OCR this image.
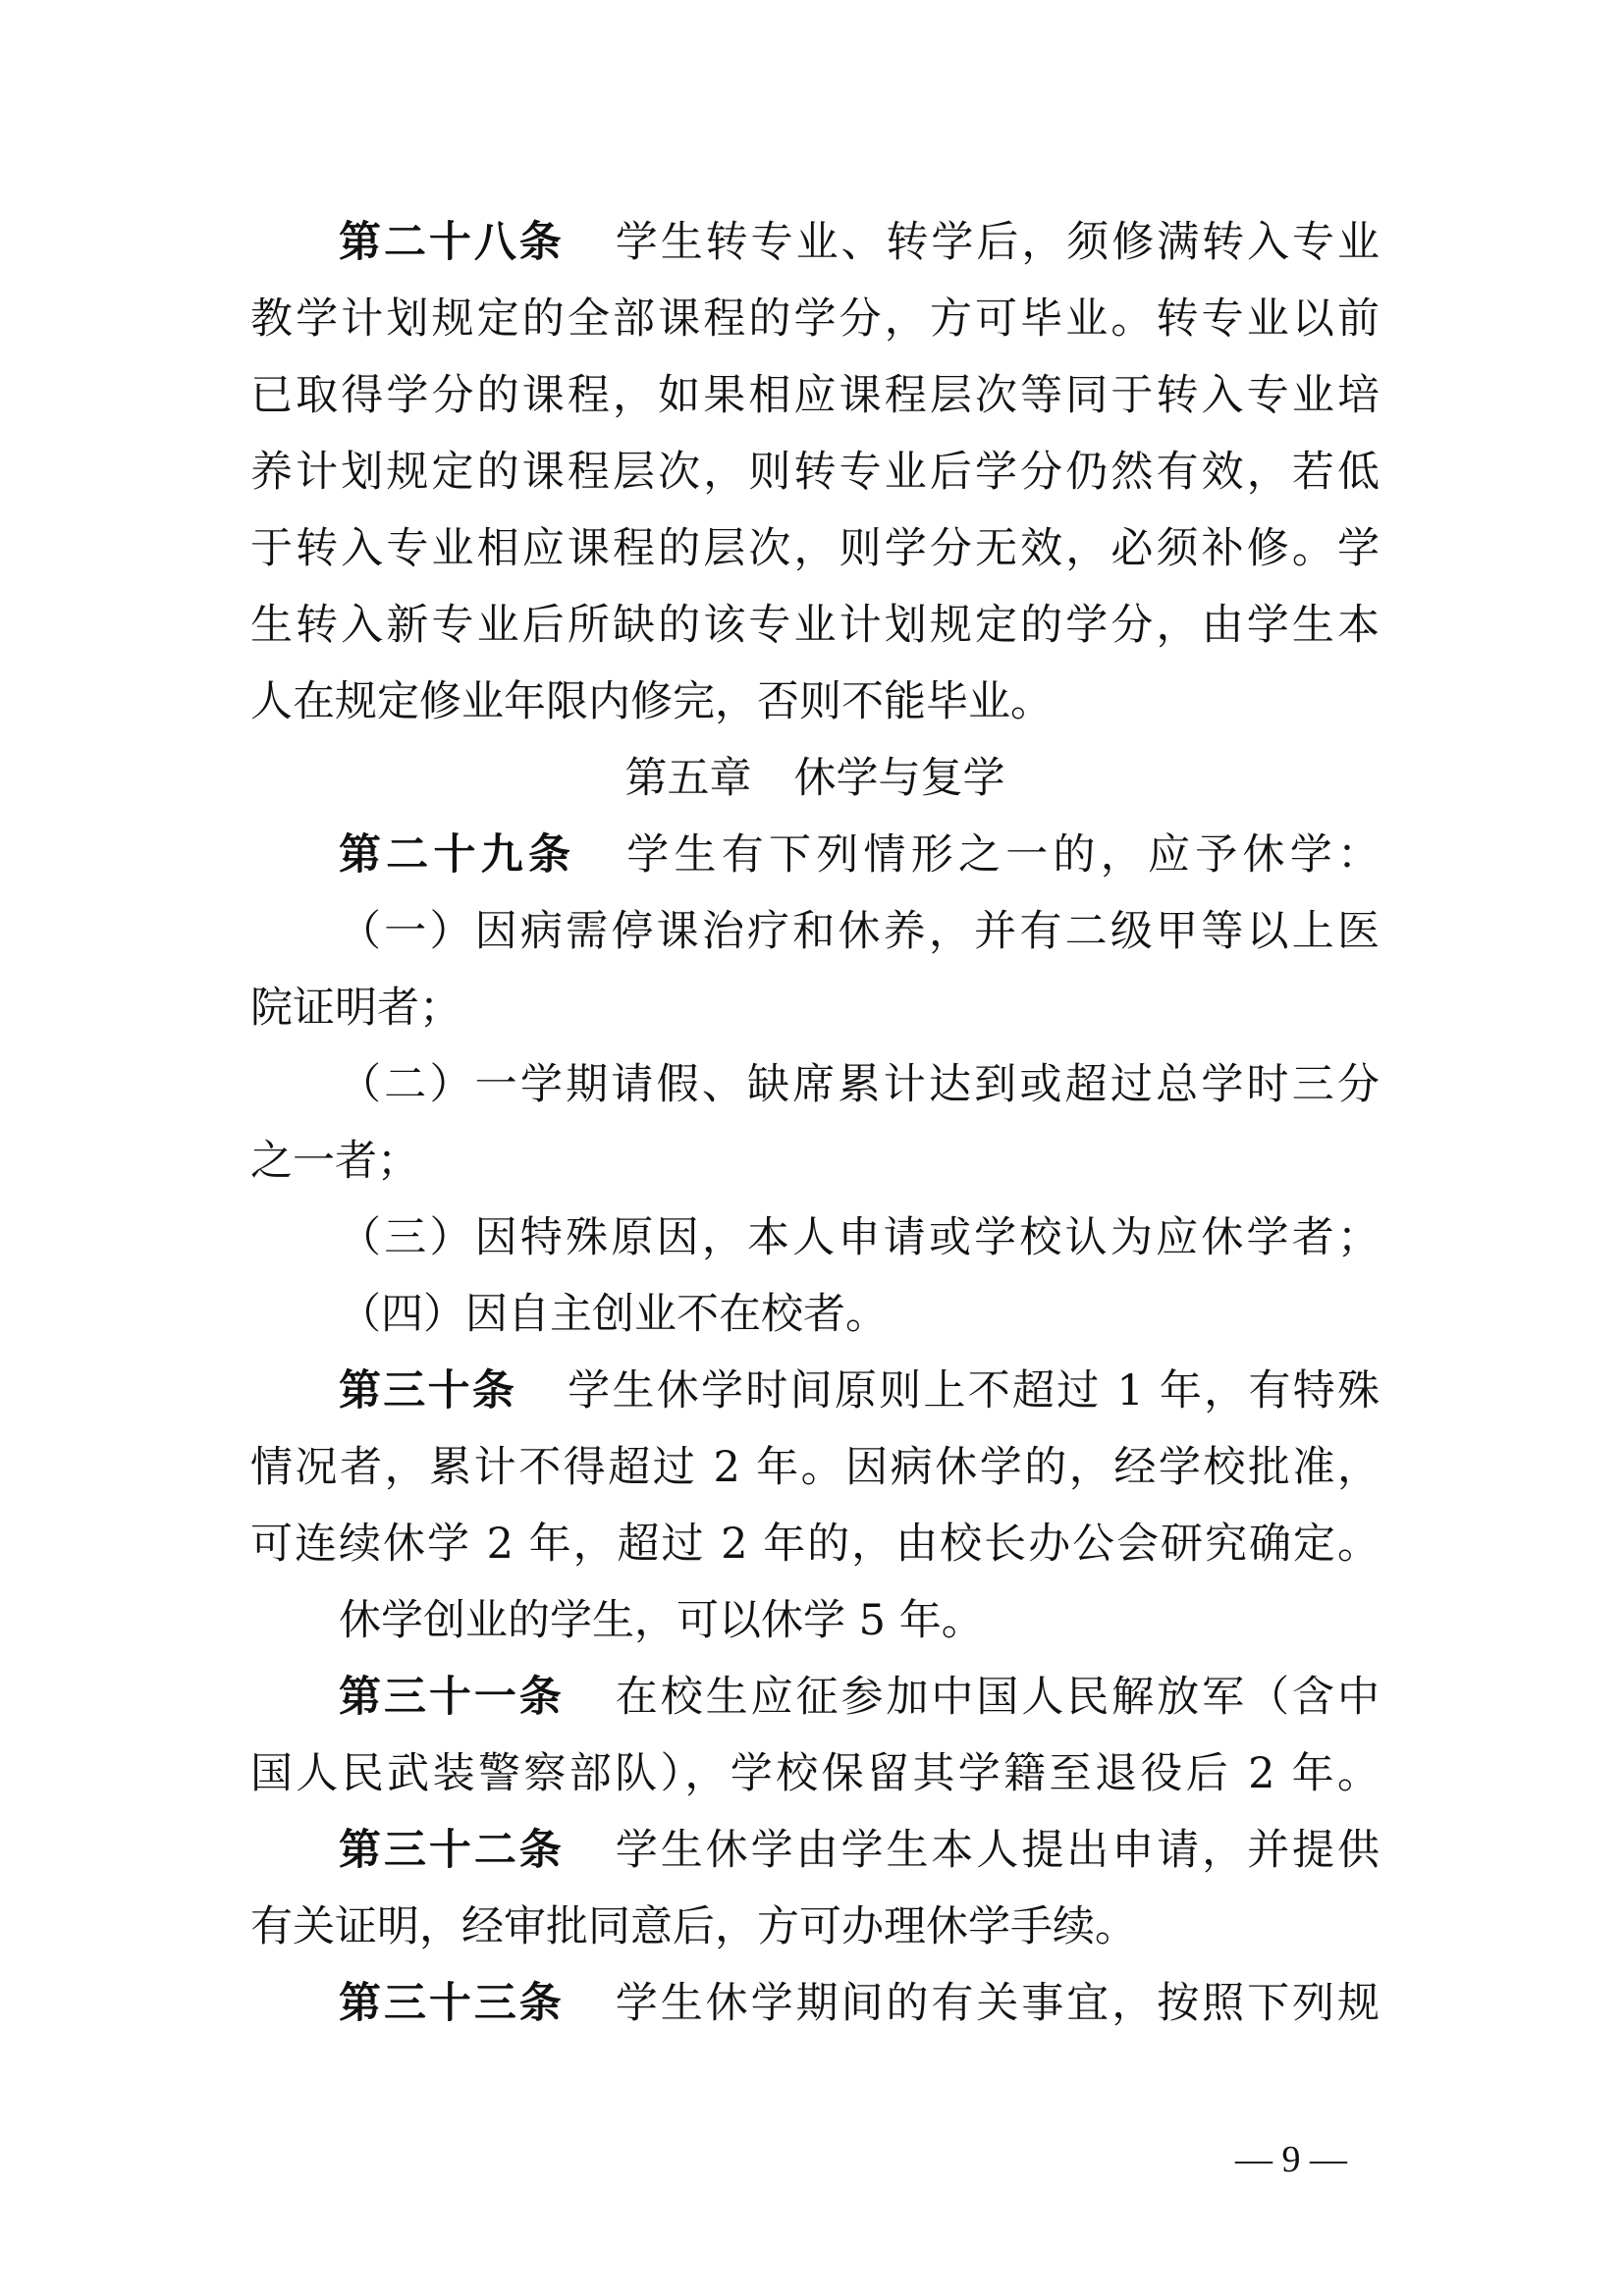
第二十八条 学生转专业、转学后，须修满转入专业
教学计划规定的全部课程的学分，方可毕业。转专业以前
已取得学分的课程，如果相应课程层次等同于转入专业培
养计划规定的课程层次，则转专业后学分仍然有效，若低
于转入专业相应课程的层次，则学分无效，必须补修。学
生转入新专业后所缺的该专业计划规定的学分，由学生本
人在规定修业年限内修完，否则不能毕业。
第五章　休学与复学
第二十九条 学生有下列情形之一的，应予休学：
（一）因病需停课治疗和休养，并有二级甲等以上医
院证明者；
（二）一学期请假、缺席累计达到或超过总学时三分
之一者；
（三）因特殊原因，本人申请或学校认为应休学者；
（四）因自主创业不在校者。
第三十条 学生休学时间原则上不超过 1 年，有特殊
情况者，累计不得超过 2 年。因病休学的，经学校批准，
可连续休学 2 年，超过 2 年的，由校长办公会研究确定。
休学创业的学生，可以休学 5 年。
第三十一条 在校生应征参加中国人民解放军（含中
国人民武装警察部队），学校保留其学籍至退役后 2 年。
第三十二条 学生休学由学生本人提出申请，并提供
有关证明，经审批同意后，方可办理休学手续。
第三十三条 学生休学期间的有关事宜，按照下列规
— 9 —
